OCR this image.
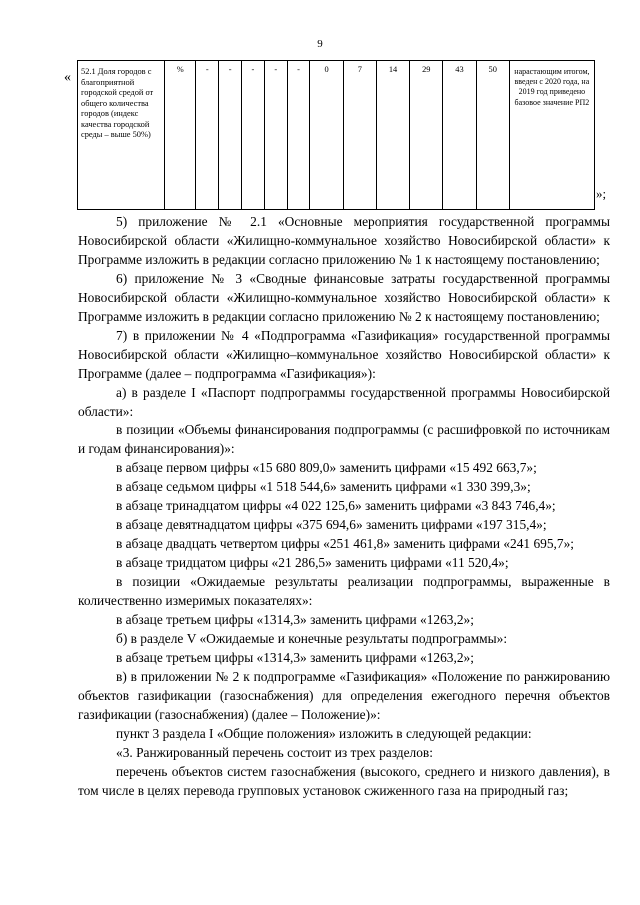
9
«
»;
52.1 Доля городов с благоприятной городской средой от общего количества городов (индекс качества городской среды – выше 50%)	%	-	-	-	-	-	0	7	14	29	43	50	нарастающим итогом, введен с 2020 года, на 2019 год приведено базовое значение РП2

5) приложение № 2.1 «Основные мероприятия государственной программы Новосибирской области «Жилищно-коммунальное хозяйство Новосибирской области» к Программе изложить в редакции согласно приложению № 1 к настоящему постановлению;

6) приложение № 3 «Сводные финансовые затраты государственной программы Новосибирской области «Жилищно-коммунальное хозяйство Новосибирской области» к Программе изложить в редакции согласно приложению № 2 к настоящему постановлению;

7) в приложении № 4 «Подпрограмма «Газификация» государственной программы Новосибирской области «Жилищно–коммунальное хозяйство Новосибирской области» к Программе (далее – подпрограмма «Газификация»):

а) в разделе I «Паспорт подпрограммы государственной программы Новосибирской области»:

в позиции «Объемы финансирования подпрограммы (с расшифровкой по источникам и годам финансирования)»:

в абзаце первом цифры «15 680 809,0» заменить цифрами «15 492 663,7»;

в абзаце седьмом цифры «1 518 544,6» заменить цифрами «1 330 399,3»;

в абзаце тринадцатом цифры «4 022 125,6» заменить цифрами «3 843 746,4»;

в абзаце девятнадцатом цифры «375 694,6» заменить цифрами «197 315,4»;

в абзаце двадцать четвертом цифры «251 461,8» заменить цифрами «241 695,7»;

в абзаце тридцатом цифры «21 286,5» заменить цифрами «11 520,4»;

в позиции «Ожидаемые результаты реализации подпрограммы, выраженные в количественно измеримых показателях»:

в абзаце третьем цифры «1314,3» заменить цифрами «1263,2»;

б) в разделе V «Ожидаемые и конечные результаты подпрограммы»:

в абзаце третьем цифры «1314,3» заменить цифрами «1263,2»;

в) в приложении № 2 к подпрограмме «Газификация» «Положение по ранжированию объектов газификации (газоснабжения) для определения ежегодного перечня объектов газификации (газоснабжения) (далее – Положение)»:

пункт 3 раздела I «Общие положения» изложить в следующей редакции:

«3. Ранжированный перечень состоит из трех разделов:

перечень объектов систем газоснабжения (высокого, среднего и низкого давления), в том числе в целях перевода групповых установок сжиженного газа на природный газ;
